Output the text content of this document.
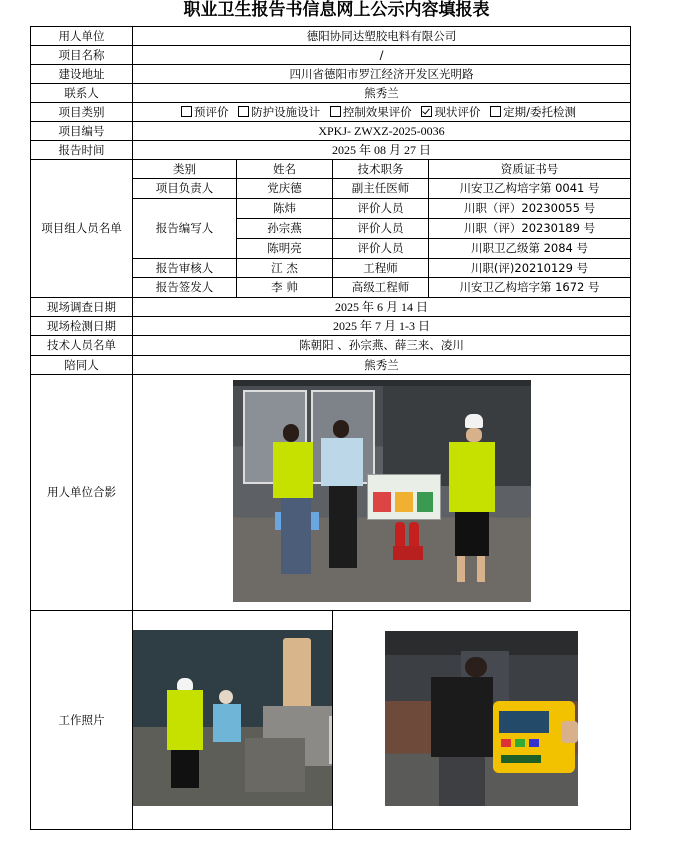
职业卫生报告书信息网上公示内容填报表
用人单位	德阳协同达塑胶电料有限公司			
项目名称	/			
建设地址	四川省德阳市罗江经济开发区光明路			
联系人	熊秀兰			
项目类别	预评价 防护设施设计 控制效果评价 现状评价 定期/委托检测			
项目编号	XPKJ- ZWXZ-2025-0036			
报告时间	2025 年 08 月 27 日			
项目组人员名单	类别	姓名	技术职务	资质证书号
	项目负责人	党庆德	副主任医师	川安卫乙构培字第 0041 号
	报告编写人	陈炜	评价人员	川职（评）20230055 号
		孙宗燕	评价人员	川职（评）20230189 号
		陈明亮	评价人员	川职卫乙级第 2084 号
	报告审核人	江 杰	工程师	川职(评)20210129 号
	报告签发人	李 帅	高级工程师	川安卫乙构培字第 1672 号

现场调查日期	2025 年 6 月 14 日			
现场检测日期	2025 年 7 月 1-3 日			
技术人员名单	陈朝阳 、孙宗燕、薛三来、凌川			
陪同人	熊秀兰			
用人单位合影				

工作照片			
